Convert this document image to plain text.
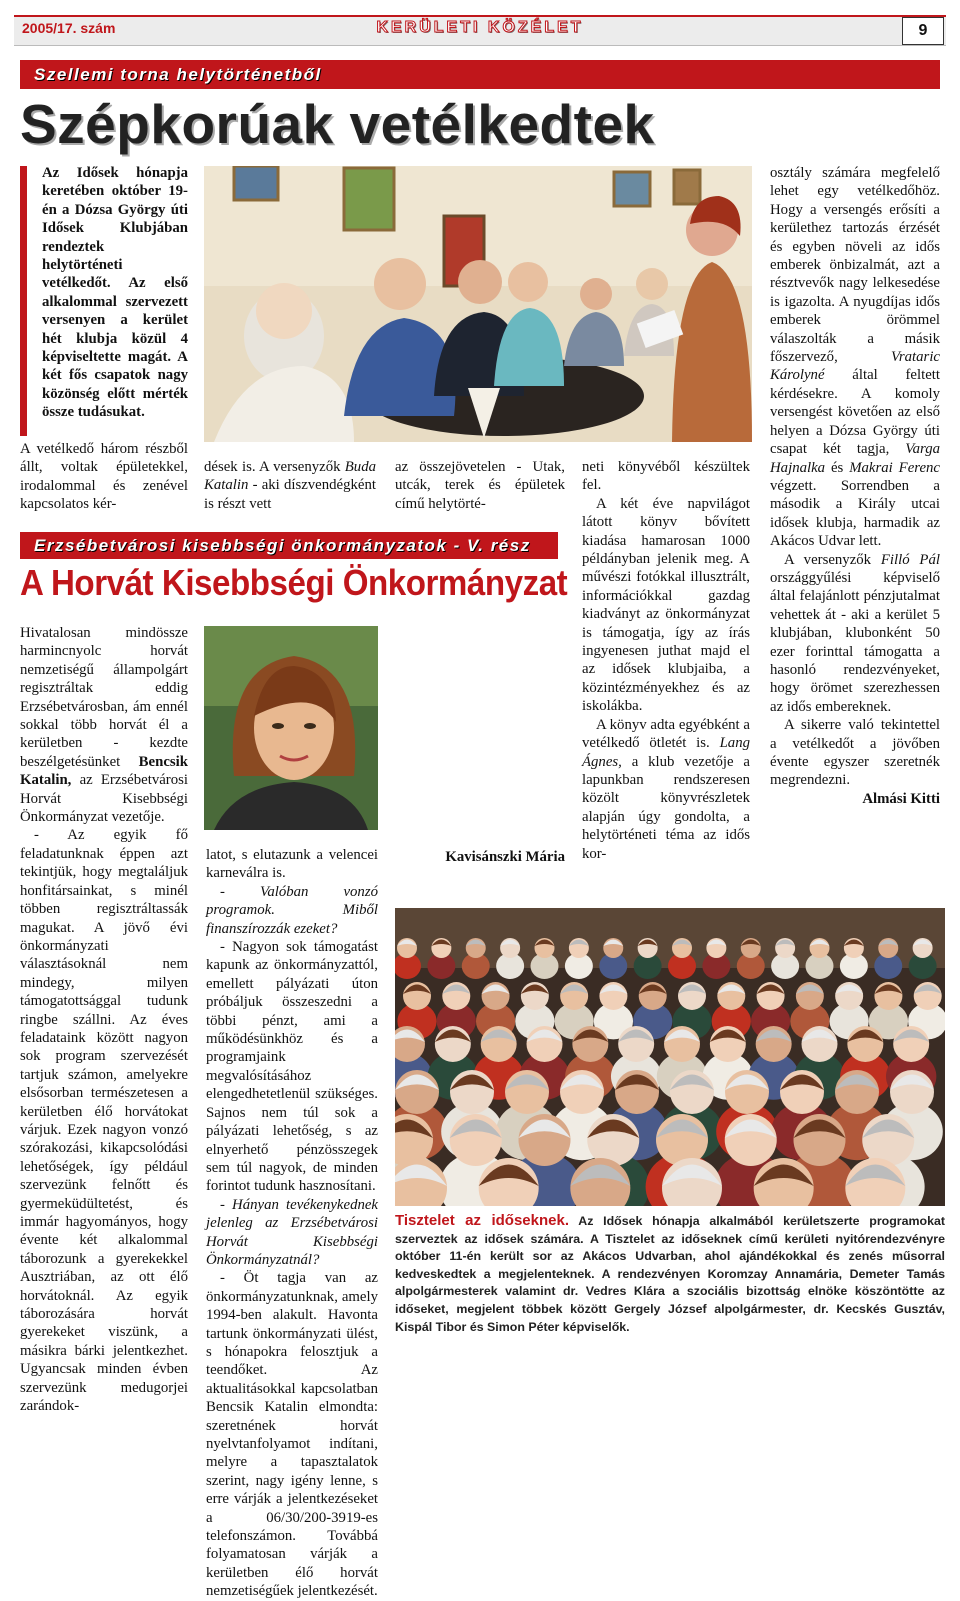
2005/17. szám	KERÜLETI KÖZÉLET	9
Szellemi torna helytörténetből
Szépkorúak vetélkedtek

Az Idősek hónapja keretében október 19-én a Dózsa György úti Idősek Klubjában rendeztek helytörténeti vetélkedőt. Az első alkalommal szervezett versenyen a kerület hét klubja közül 4 képviseltette magát. A két fős csapatok nagy közönség előtt mérték össze tudásukat.

A vetélkedő három részből állt, voltak épületekkel, irodalommal és zenével kapcsolatos kér-

dések is. A versenyzők Buda Katalin - aki díszvendégként is részt vett

az összejövetelen - Utak, utcák, terek és épületek című helytörté-

neti könyvéből készültek fel.

A két éve napvilágot látott könyv bővített kiadása hamarosan 1000 példányban jelenik meg. A művészi fotókkal illusztrált, információkkal gazdag kiadványt az önkormányzat is támogatja, így az írás ingyenesen juthat majd el az idősek klubjaiba, a közintézményekhez és az iskolákba.

A könyv adta egyébként a vetélkedő ötletét is. Lang Ágnes, a klub vezetője a lapunkban rendszeresen közölt könyvrészletek alapján úgy gondolta, a helytörténeti téma az idős kor-

osztály számára megfelelő lehet egy vetélkedőhöz. Hogy a versengés erősíti a kerülethez tartozás érzését és egyben növeli az idős emberek önbizalmát, azt a résztvevők nagy lelkesedése is igazolta. A nyugdíjas idős emberek örömmel válaszolták a másik főszervező, Vrataric Károlyné által feltett kérdésekre. A komoly versengést követően az első helyen a Dózsa György úti csapat két tagja, Varga Hajnalka és Makrai Ferenc végzett. Sorrendben a második a Király utcai idősek klubja, harmadik az Akácos Udvar lett.

A versenyzők Filló Pál országgyűlési képviselő által felajánlott pénzjutalmat vehettek át - aki a kerület 5 klubjában, klubonként 50 ezer forinttal támogatta a hasonló rendezvényeket, hogy örömet szerezhessen az idős embereknek.

A sikerre való tekintettel a vetélkedőt a jövőben évente egyszer szeretnék megrendezni.

Almási Kitti

Erzsébetvárosi kisebbségi önkormányzatok - V. rész
A Horvát Kisebbségi Önkormányzat

Hivatalosan mindössze harmincnyolc horvát nemzetiségű állampolgárt regisztráltak eddig Erzsébetvárosban, ám ennél sokkal több horvát él a kerületben - kezdte beszélgetésünket Bencsik Katalin, az Erzsébetvárosi Horvát Kisebbségi Önkormányzat vezetője.

- Az egyik fő feladatunknak éppen azt tekintjük, hogy megtaláljuk honfitársainkat, s minél többen regisztráltassák magukat. A jövő évi önkormányzati választásoknál nem mindegy, milyen támogatottsággal tudunk ringbe szállni. Az éves feladataink között nagyon sok program szervezését tartjuk számon, amelyekre elsősorban természetesen a kerületben élő horvátokat várjuk. Ezek nagyon vonzó szórakozási, kikapcsolódási lehetőségek, így például szervezünk felnőtt és gyermeküdültetést, és immár hagyományos, hogy évente két alkalommal táborozunk a gyerekekkel Ausztriában, az ott élő horvátoknál. Az egyik táborozására horvát gyerekeket viszünk, a másikra bárki jelentkezhet. Ugyancsak minden évben szervezünk medugorjei zarándok-

latot, s elutazunk a velencei karneválra is.

- Valóban vonzó programok. Miből finanszírozzák ezeket?

- Nagyon sok támogatást kapunk az önkormányzattól, emellett pályázati úton próbáljuk összeszedni a többi pénzt, ami a működésünkhöz és a programjaink megvalósításához elengedhetetlenül szükséges. Sajnos nem túl sok a pályázati lehetőség, s az elnyerhető pénzösszegek sem túl nagyok, de minden forintot tudunk hasznosítani.

- Hányan tevékenykednek jelenleg az Erzsébetvárosi Horvát Kisebbségi Önkormányzatnál?

- Öt tagja van az önkormányzatunknak, amely 1994-ben alakult. Havonta tartunk önkormányzati ülést, s hónapokra felosztjuk a teendőket. Az aktualitásokkal kapcsolatban Bencsik Katalin elmondta: szeretnének horvát nyelvtanfolyamot indítani, melyre a tapasztalatok szerint, nagy igény lenne, s erre várják a jelentkezéseket a 06/30/200-3919-es telefonszámon. Továbbá folyamatosan várják a kerületben élő horvát nemzetiségűek jelentkezését.

Kavisánszki Mária

Tisztelet az időseknek. Az Idősek hónapja alkalmából kerületszerte programokat szerveztek az idősek számára. A Tisztelet az időseknek című kerületi nyitórendezvényre október 11-én került sor az Akácos Udvarban, ahol ajándékokkal és zenés műsorral kedveskedtek a megjelenteknek. A rendezvényen Koromzay Annamária, Demeter Tamás alpolgármesterek valamint dr. Vedres Klára a szociális bizottság elnöke köszöntötte az időseket, megjelent többek között Gergely József alpolgármester, dr. Kecskés Gusztáv, Kispál Tibor és Simon Péter képviselők.
